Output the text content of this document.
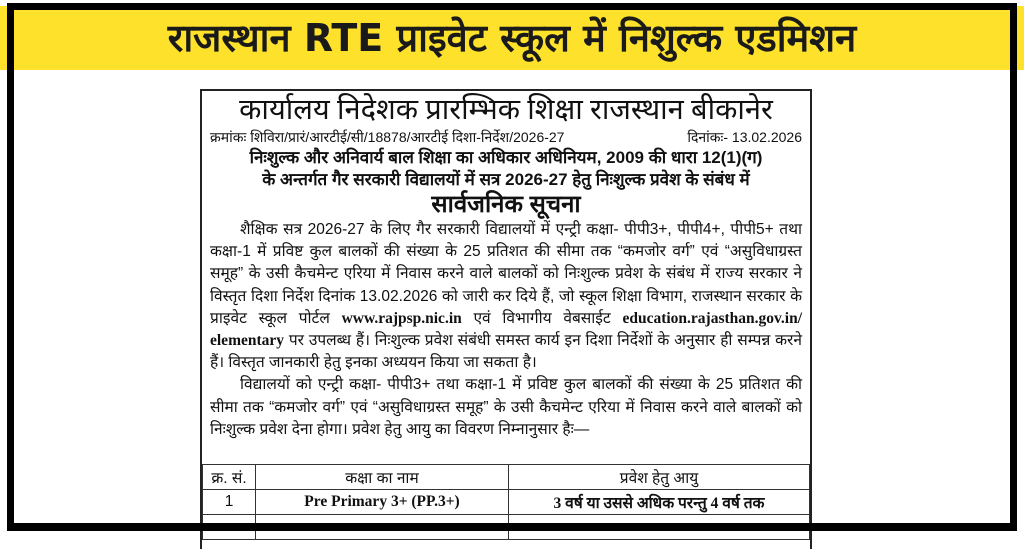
राजस्थान RTE प्राइवेट स्कूल में निशुल्क एडमिशन
कार्यालय निदेशक प्रारम्भिक शिक्षा राजस्थान बीकानेर
क्रमांकः शिविरा/प्रारं/आरटीई/सी/18878/आरटीई दिशा-निर्देश/2026-27	दिनांकः- 13.02.2026
निःशुल्क और अनिवार्य बाल शिक्षा का अधिकार अधिनियम, 2009 की धारा 12(1)(ग)
के अन्तर्गत गैर सरकारी विद्यालयों में सत्र 2026-27 हेतु निःशुल्क प्रवेश के संबंध में
सार्वजनिक सूचना

शैक्षिक सत्र 2026-27 के लिए गैर सरकारी विद्यालयों में एन्ट्री कक्षा- पीपी3+, पीपी4+, पीपी5+ तथा कक्षा-1 में प्रविष्ट कुल बालकों की संख्या के 25 प्रतिशत की सीमा तक “कमजोर वर्ग” एवं “असुविधाग्रस्त समूह” के उसी कैचमेन्ट एरिया में निवास करने वाले बालकों को निःशुल्क प्रवेश के संबंध में राज्य सरकार ने विस्तृत दिशा निर्देश दिनांक 13.02.2026 को जारी कर दिये हैं, जो स्कूल शिक्षा विभाग, राजस्थान सरकार के प्राइवेट स्कूल पोर्टल www.rajpsp.nic.in एवं विभागीय वेबसाईट education.rajasthan.gov.in/ elementary पर उपलब्ध हैं। निःशुल्क प्रवेश संबंधी समस्त कार्य इन दिशा निर्देशों के अनुसार ही सम्पन्न करने हैं। विस्तृत जानकारी हेतु इनका अध्ययन किया जा सकता है।

विद्यालयों को एन्ट्री कक्षा- पीपी3+ तथा कक्षा-1 में प्रविष्ट कुल बालकों की संख्या के 25 प्रतिशत की सीमा तक “कमजोर वर्ग” एवं “असुविधाग्रस्त समूह” के उसी कैचमेन्ट एरिया में निवास करने वाले बालकों को निःशुल्क प्रवेश देना होगा। प्रवेश हेतु आयु का विवरण निम्नानुसार हैः—

क्र. सं.	कक्षा का नाम	प्रवेश हेतु आयु
1	Pre Primary 3+ (PP.3+)	3 वर्ष या उससे अधिक परन्तु 4 वर्ष तक
